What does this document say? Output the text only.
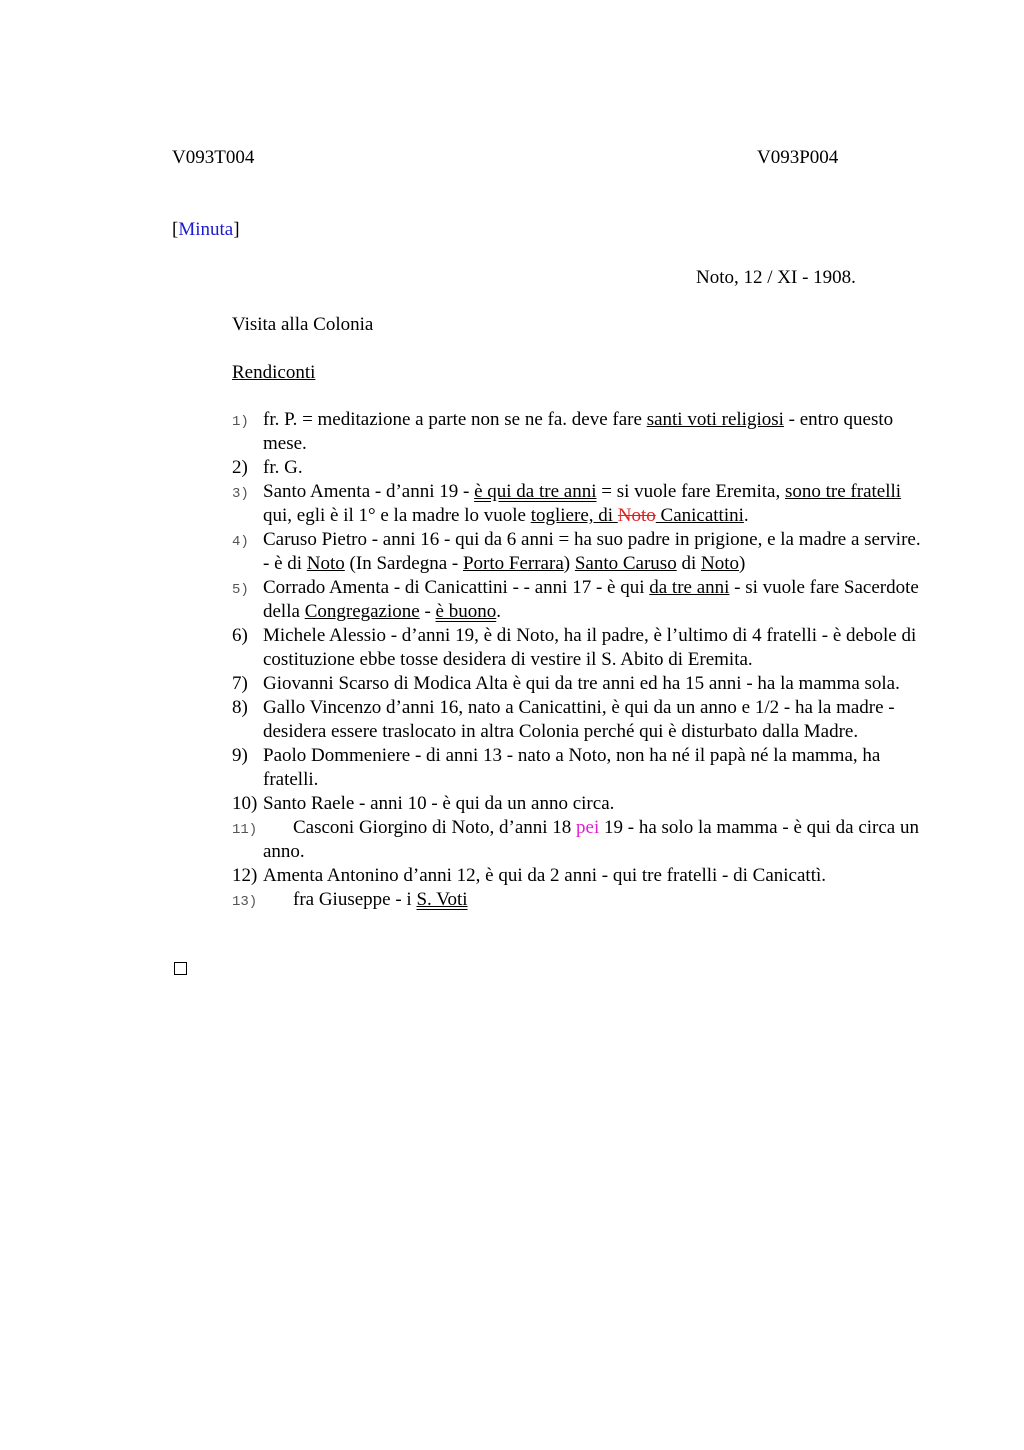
V093T004	V093P004
[Minuta]
Noto, 12 / XI - 1908.
Visita alla Colonia
Rendiconti
1) fr. P. = meditazione a parte non se ne fa. deve fare santi voti religiosi - entro questo mese.
2) fr. G.
3) Santo Amenta - d’anni 19 - è qui da tre anni = si vuole fare Eremita, sono tre fratelli qui, egli è il 1° e la madre lo vuole togliere, di Noto Canicattini.
4) Caruso Pietro - anni 16 - qui da 6 anni = ha suo padre in prigione, e la madre a servire. - è di Noto (In Sardegna - Porto Ferrara) Santo Caruso di Noto)
5) Corrado Amenta - di Canicattini - - anni 17 - è qui da tre anni - si vuole fare Sacerdote della Congregazione - è buono.
6) Michele Alessio - d’anni 19, è di Noto, ha il padre, è l’ultimo di 4 fratelli - è debole di costituzione ebbe tosse desidera di vestire il S. Abito di Eremita.
7) Giovanni Scarso di Modica Alta è qui da tre anni ed ha 15 anni - ha la mamma sola.
8) Gallo Vincenzo d’anni 16, nato a Canicattini, è qui da un anno e 1/2 - ha la madre - desidera essere traslocato in altra Colonia perché qui è disturbato dalla Madre.
9) Paolo Dommeniere - di anni 13 - nato a Noto, non ha né il papà né la mamma, ha fratelli.
10) Santo Raele - anni 10 - è qui da un anno circa.
11) Casconi Giorgino di Noto, d’anni 18 pei 19 - ha solo la mamma - è qui da circa un anno.
12) Amenta Antonino d’anni 12, è qui da 2 anni - qui tre fratelli - di Canicattì.
13) fra Giuseppe - i S. Voti
